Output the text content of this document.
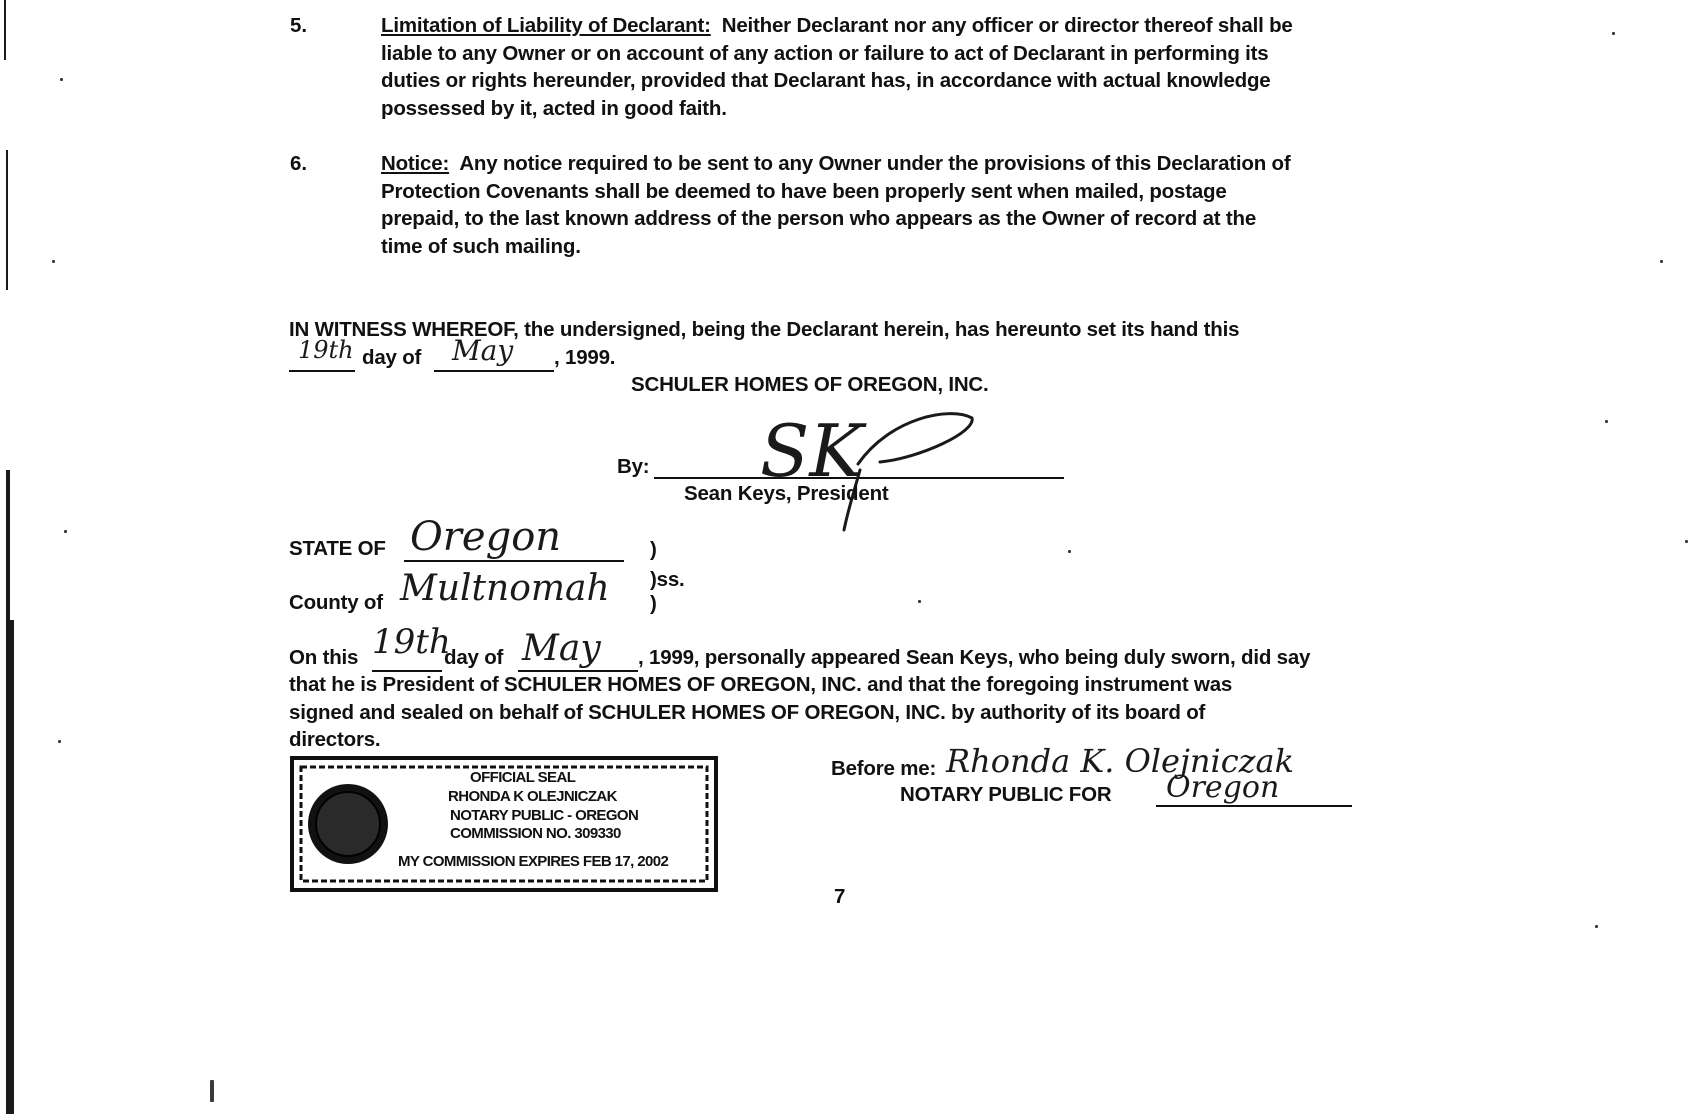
5.	Limitation of Liability of Declarant: Neither Declarant nor any officer or director thereof shall be
liable to any Owner or on account of any action or failure to act of Declarant in performing its
duties or rights hereunder, provided that Declarant has, in accordance with actual knowledge
possessed by it, acted in good faith.
6.	Notice: Any notice required to be sent to any Owner under the provisions of this Declaration of
Protection Covenants shall be deemed to have been properly sent when mailed, postage
prepaid, to the last known address of the person who appears as the Owner of record at the
time of such mailing.
IN WITNESS WHEREOF, the undersigned, being the Declarant herein, has hereunto set its hand this
19th day of May , 1999.
SCHULER HOMES OF OREGON, INC.
By: SK
Sean Keys, President
STATE OF Oregon	)
)ss.
County of Multnomah )
On this 19th
day of May , 1999, personally appeared Sean Keys, who being duly sworn, did say
that he is President of SCHULER HOMES OF OREGON, INC. and that the foregoing instrument was
signed and sealed on behalf of SCHULER HOMES OF OREGON, INC. by authority of its board of
directors.
OFFICIAL SEAL
RHONDA K OLEJNICZAK
NOTARY PUBLIC - OREGON
COMMISSION NO. 309330
MY COMMISSION EXPIRES FEB 17, 2002
Before me: Rhonda K. Olejniczak
NOTARY PUBLIC FOR Oregon
7
